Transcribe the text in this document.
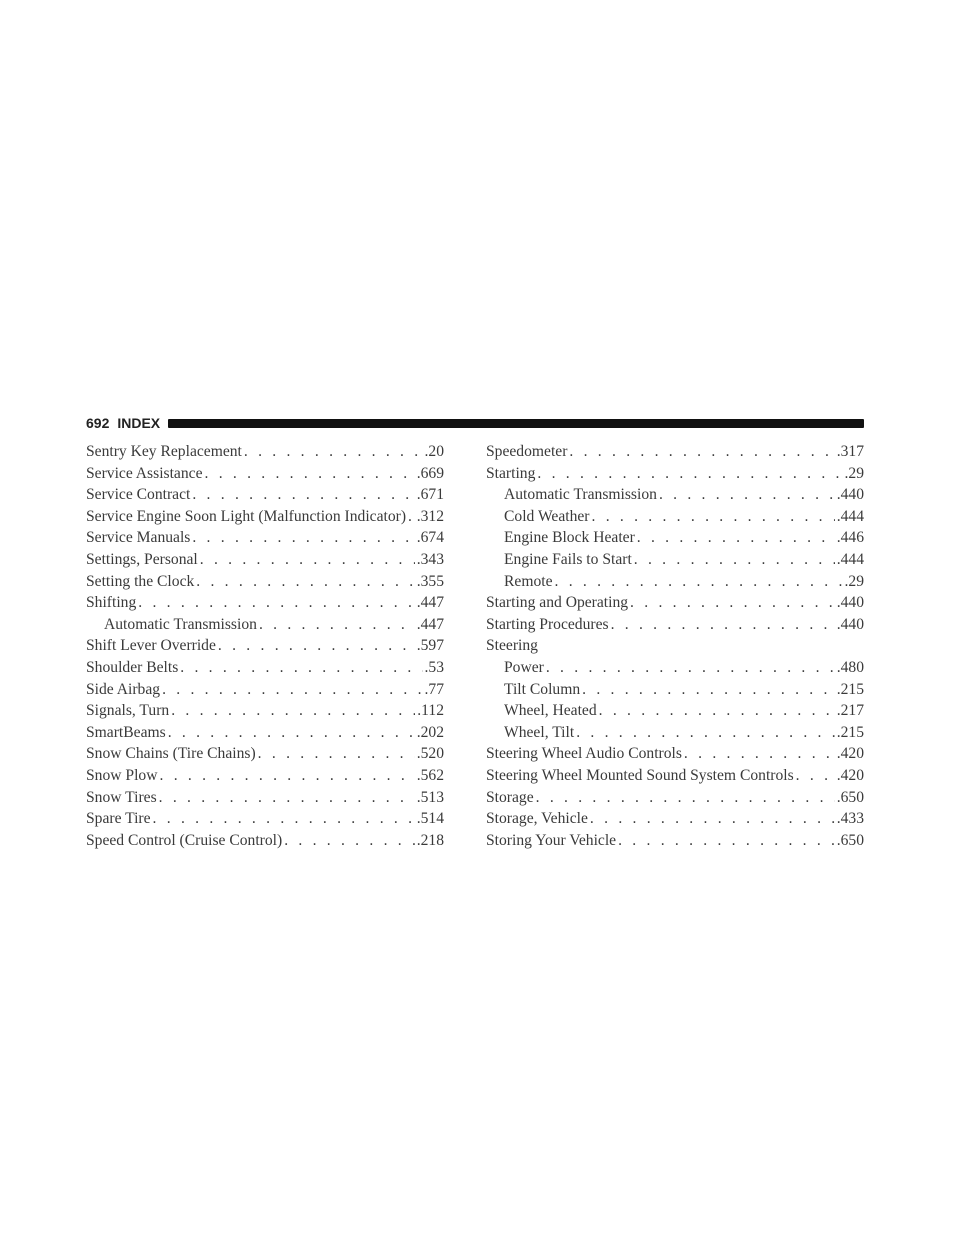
692 INDEX
Sentry Key Replacement . . .	.20
Service Assistance . . .	.669
Service Contract . . .	.671
Service Engine Soon Light (Malfunction Indicator) . . . .312
Service Manuals . . .	.674
Settings, Personal . . .	.343
Setting the Clock . . .	.355
Shifting . . .	.447
Automatic Transmission . . .	.447
Shift Lever Override . . .	.597
Shoulder Belts . . .	.53
Side Airbag . . .	.77
Signals, Turn . . .	.112
SmartBeams . . .	.202
Snow Chains (Tire Chains) . . .	.520
Snow Plow . . .	.562
Snow Tires . . .	.513
Spare Tire . . .	.514
Speed Control (Cruise Control) . . .	.218
Speedometer . . .	.317
Starting . . .	.29
Automatic Transmission . . .	.440
Cold Weather . . .	.444
Engine Block Heater . . .	.446
Engine Fails to Start . . .	.444
Remote . . .	.29
Starting and Operating . . .	.440
Starting Procedures . . .	.440
Steering
Power . . .	.480
Tilt Column . . .	.215
Wheel, Heated . . .	.217
Wheel, Tilt . . .	.215
Steering Wheel Audio Controls . . .	.420
Steering Wheel Mounted Sound System Controls . . .	.420
Storage . . .	.650
Storage, Vehicle . . .	.433
Storing Your Vehicle . . .	.650
